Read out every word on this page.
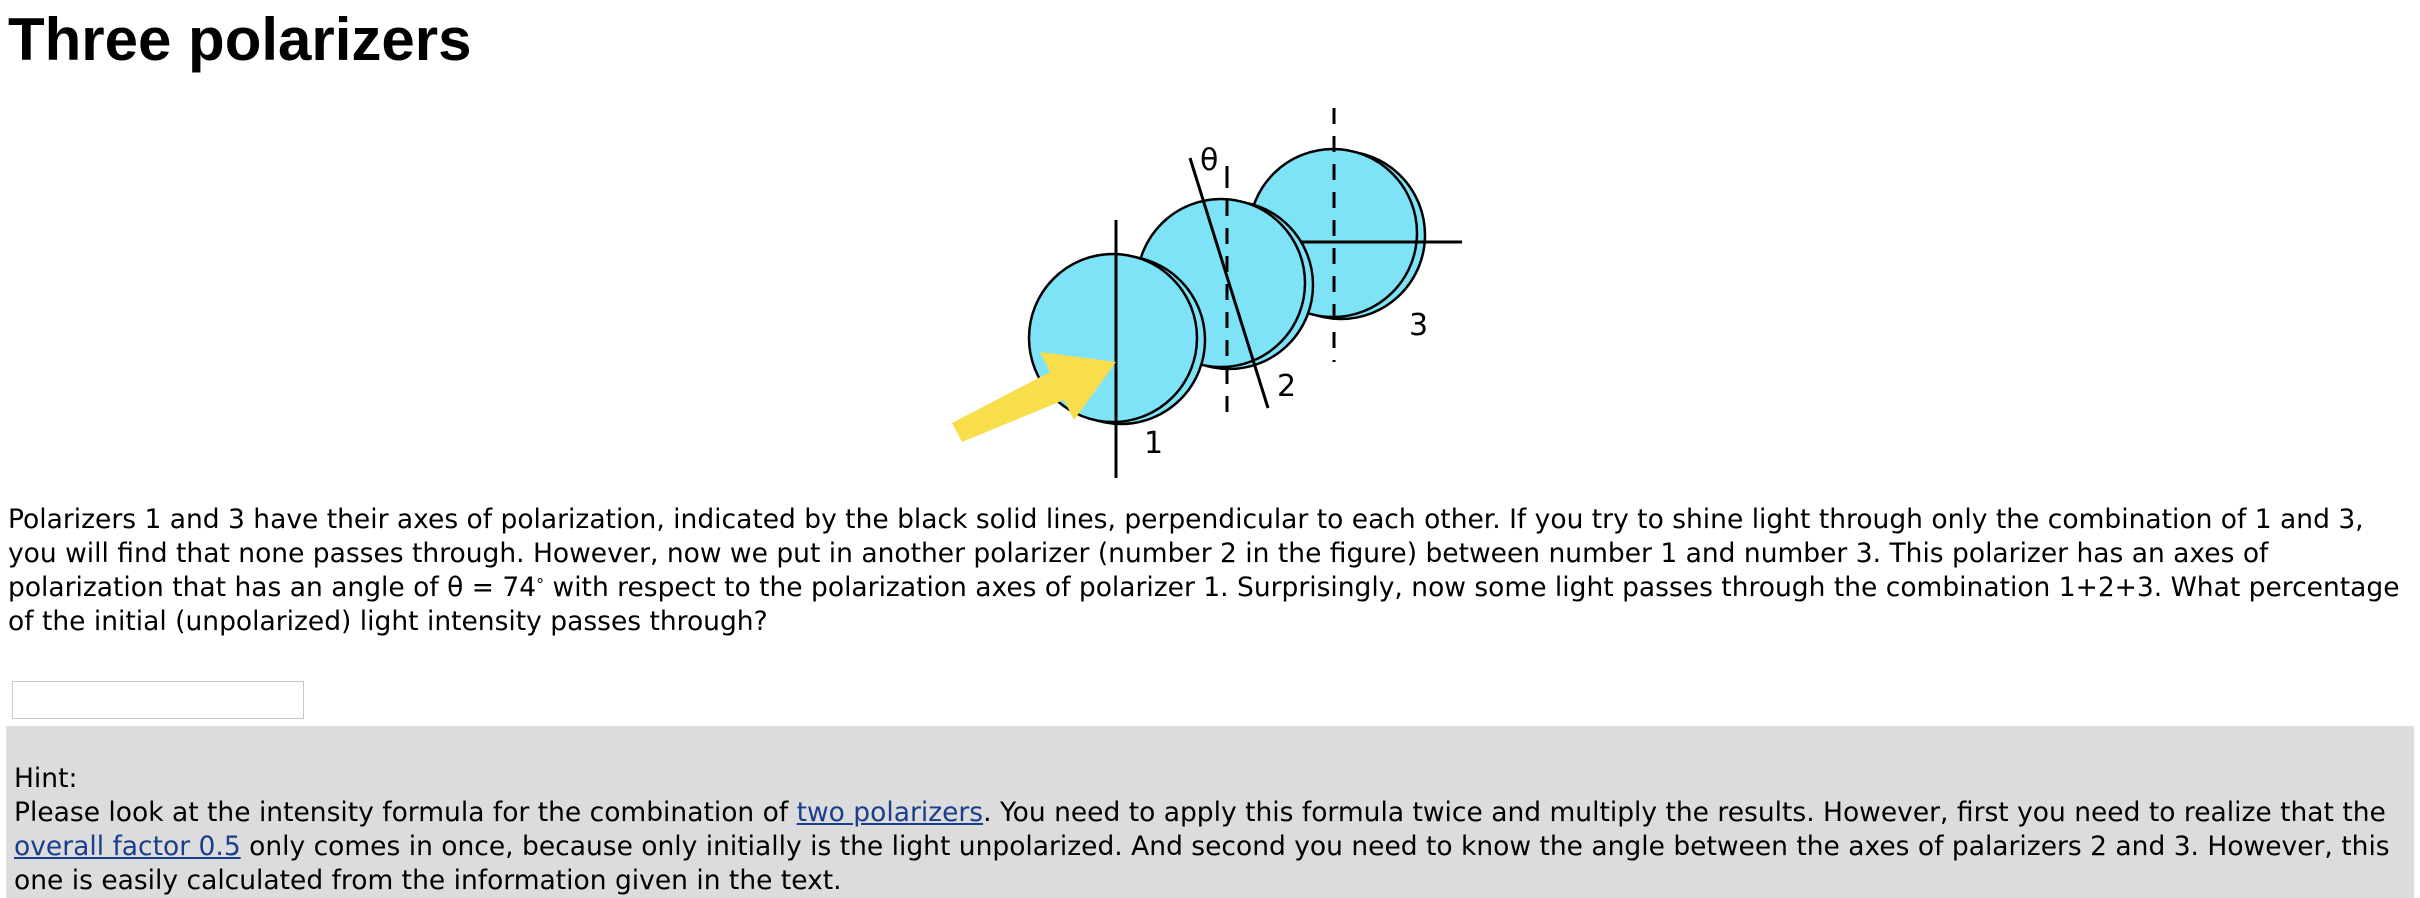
Three polarizers
1
2
3
θ

Polarizers 1 and 3 have their axes of polarization, indicated by the black solid lines, perpendicular to each other. If you try to shine light through only the combination of 1 and 3, you will find that none passes through. However, now we put in another polarizer (number 2 in the figure) between number 1 and number 3. This polarizer has an axes of polarization that has an angle of θ = 74° with respect to the polarization axes of polarizer 1. Surprisingly, now some light passes through the combination 1+2+3. What percentage of the initial (unpolarized) light intensity passes through?

Hint:

Please look at the intensity formula for the combination of two polarizers. You need to apply this formula twice and multiply the results. However, first you need to realize that the overall factor 0.5 only comes in once, because only initially is the light unpolarized. And second you need to know the angle between the axes of palarizers 2 and 3. However, this one is easily calculated from the information given in the text.
